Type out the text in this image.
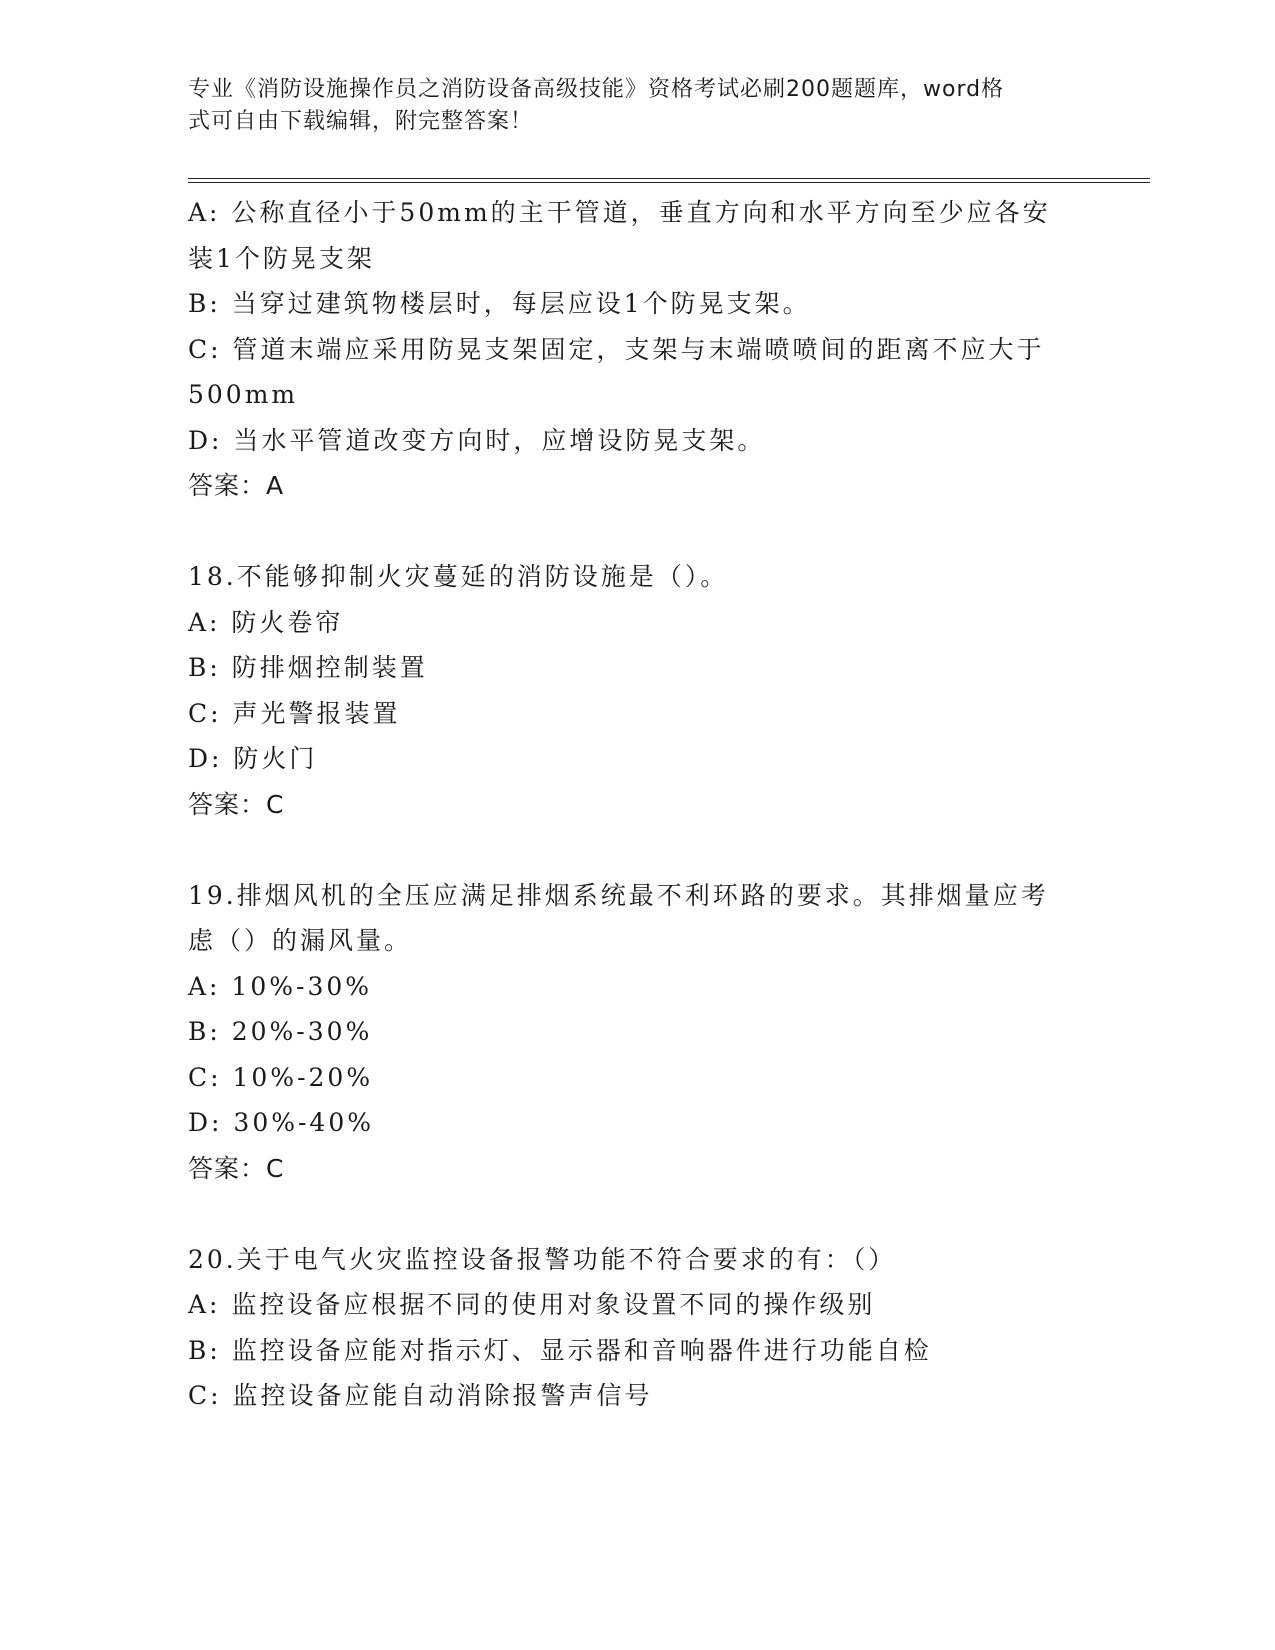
专业《消防设施操作员之消防设备高级技能》资格考试必刷200题题库，word格
式可自由下载编辑，附完整答案！
A: 公称直径小于50mm的主干管道，垂直方向和水平方向至少应各安
装1个防晃支架
B: 当穿过建筑物楼层时，每层应设1个防晃支架。
C: 管道末端应采用防晃支架固定，支架与末端喷喷间的距离不应大于
500mm
D: 当水平管道改变方向时，应增设防晃支架。
答案：A
18.不能够抑制火灾蔓延的消防设施是（）。
A: 防火卷帘
B: 防排烟控制装置
C: 声光警报装置
D: 防火门
答案：C
19.排烟风机的全压应满足排烟系统最不利环路的要求。其排烟量应考
虑（）的漏风量。
A: 10%-30%
B: 20%-30%
C: 10%-20%
D: 30%-40%
答案：C
20.关于电气火灾监控设备报警功能不符合要求的有：（）
A: 监控设备应根据不同的使用对象设置不同的操作级别
B: 监控设备应能对指示灯、显示器和音响器件进行功能自检
C: 监控设备应能自动消除报警声信号
